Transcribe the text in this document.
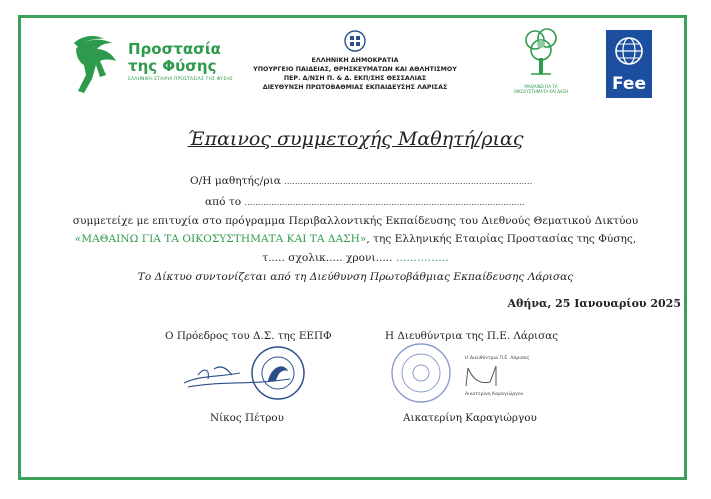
Προστασία
της Φύσης
ΕΛΛΗΝΙΚΗ ΕΤΑΙΡΙΑ ΠΡΟΣΤΑΣΙΑΣ ΤΗΣ ΦΥΣΗΣ
ΕΛΛΗΝΙΚΗ ΔΗΜΟΚΡΑΤΙΑ
ΥΠΟΥΡΓΕΙΟ ΠΑΙΔΕΙΑΣ, ΘΡΗΣΚΕΥΜΑΤΩΝ ΚΑΙ ΑΘΛΗΤΙΣΜΟΥ
ΠΕΡ. Δ/ΝΣΗ Π. & Δ. ΕΚΠ/ΣΗΣ ΘΕΣΣΑΛΙΑΣ
ΔΙΕΥΘΥΝΣΗ ΠΡΩΤΟΒΑΘΜΙΑΣ ΕΚΠΑΙΔΕΥΣΗΣ ΛΑΡΙΣΑΣ	ΜΑΘΑΙΝΩ ΓΙΑ ΤΑ ΟΙΚΟΣΥΣΤΗΜΑΤΑ ΚΑΙ ΔΑΣΗ	Fee
Έπαινος συμμετοχής Μαθητή/ριας
Ο/Η μαθητής/ρια …………………………………………………………………………………
από το ……………………………………………………………………………………………
συμμετείχε με επιτυχία στο πρόγραμμα Περιβαλλοντικής Εκπαίδευσης του Διεθνούς Θεματικού Δικτύου
«ΜΑΘΑΙΝΩ ΓΙΑ ΤΑ ΟΙΚΟΣΥΣΤΗΜΑΤΑ ΚΑΙ ΤΑ ΔΑΣΗ», της Ελληνικής Εταιρίας Προστασίας της Φύσης,
τ..... σχολικ..... χρονι..... ……………
Το Δίκτυο συντονίζεται από τη Διεύθυνση Πρωτοβάθμιας Εκπαίδευσης Λάρισας
Αθήνα, 25 Ιανουαρίου 2025
Ο Πρόεδρος του Δ.Σ. της ΕΕΠΦ
Νίκος Πέτρου
Η Διευθύντρια της Π.Ε. Λάρισας
Η Διευθύντρια Π.Ε. Λάρισας
Αικατερίνη Καραγιώργου
Αικατερίνη Καραγιώργου
